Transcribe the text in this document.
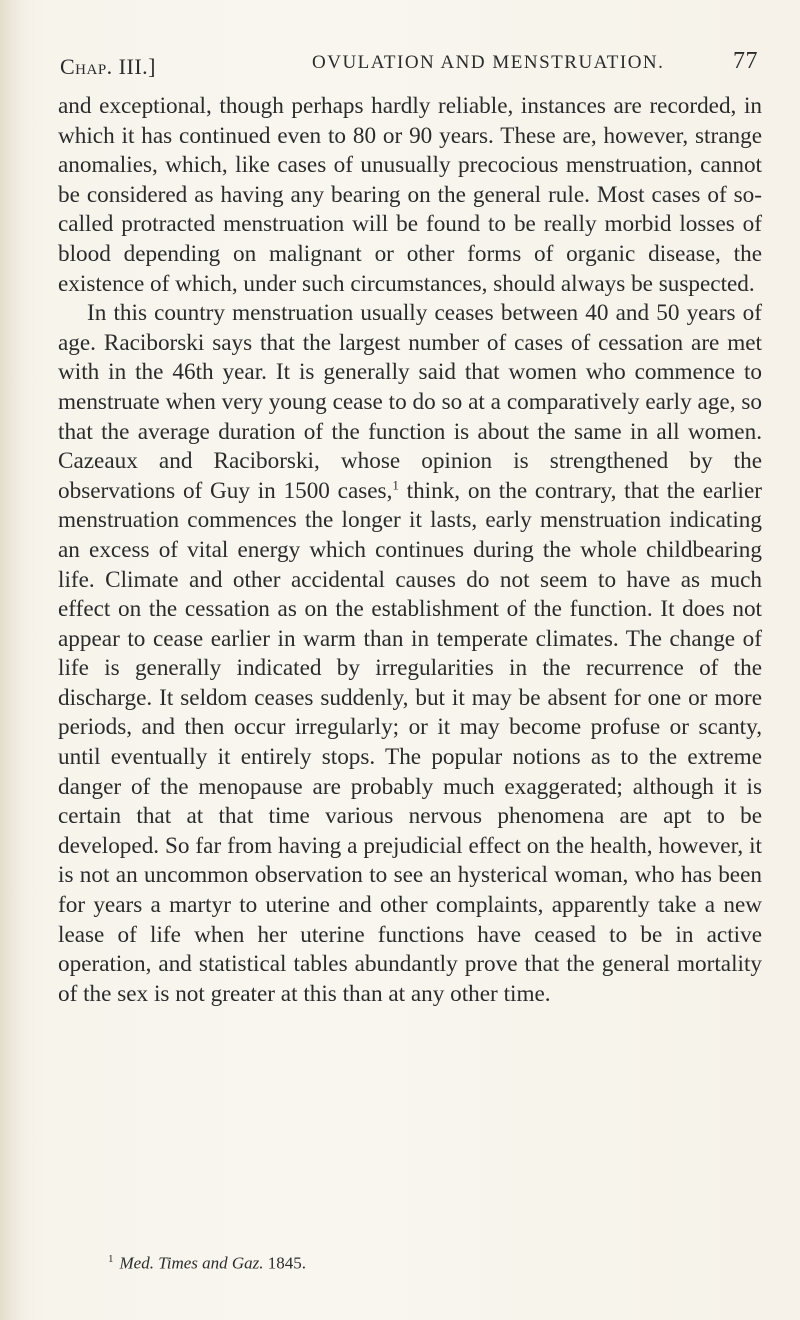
Chap. III.]	OVULATION AND MENSTRUATION.	77

and exceptional, though perhaps hardly reliable, instances are recorded, in which it has continued even to 80 or 90 years. These are, however, strange anomalies, which, like cases of unusually precocious menstruation, cannot be considered as having any bearing on the general rule. Most cases of so-called protracted menstruation will be found to be really morbid losses of blood depending on malignant or other forms of organic disease, the existence of which, under such circumstances, should always be suspected.

In this country menstruation usually ceases between 40 and 50 years of age. Raciborski says that the largest number of cases of cessation are met with in the 46th year. It is generally said that women who commence to menstruate when very young cease to do so at a comparatively early age, so that the average duration of the function is about the same in all women. Cazeaux and Raciborski, whose opinion is strengthened by the observations of Guy in 1500 cases,$^1$ think, on the contrary, that the earlier menstruation commences the longer it lasts, early menstruation indicating an excess of vital energy which continues during the whole childbearing life. Climate and other accidental causes do not seem to have as much effect on the cessation as on the establishment of the function. It does not appear to cease earlier in warm than in temperate climates. The change of life is generally indicated by irregularities in the recurrence of the discharge. It seldom ceases suddenly, but it may be absent for one or more periods, and then occur irregularly; or it may become profuse or scanty, until eventually it entirely stops. The popular notions as to the extreme danger of the menopause are probably much exaggerated; although it is certain that at that time various nervous phenomena are apt to be developed. So far from having a prejudicial effect on the health, however, it is not an uncommon observation to see an hysterical woman, who has been for years a martyr to uterine and other complaints, apparently take a new lease of life when her uterine functions have ceased to be in active operation, and statistical tables abundantly prove that the general mortality of the sex is not greater at this than at any other time.

$^1$ Med. Times and Gaz. 1845.
